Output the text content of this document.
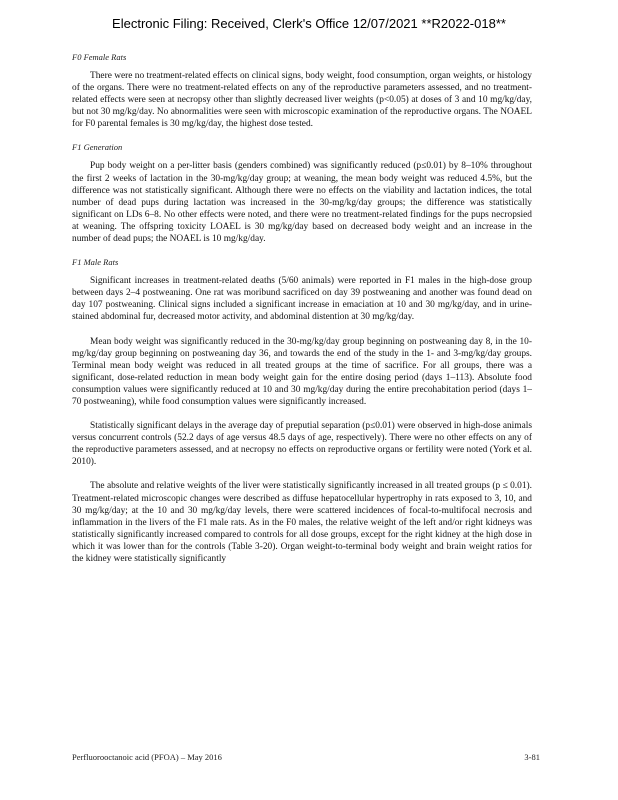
Electronic Filing: Received, Clerk's Office 12/07/2021 **R2022-018**

F0 Female Rats

There were no treatment-related effects on clinical signs, body weight, food consumption, organ weights, or histology of the organs. There were no treatment-related effects on any of the reproductive parameters assessed, and no treatment-related effects were seen at necropsy other than slightly decreased liver weights (p<0.05) at doses of 3 and 10 mg/kg/day, but not 30 mg/kg/day. No abnormalities were seen with microscopic examination of the reproductive organs. The NOAEL for F0 parental females is 30 mg/kg/day, the highest dose tested.

F1 Generation

Pup body weight on a per-litter basis (genders combined) was significantly reduced (p≤0.01) by 8–10% throughout the first 2 weeks of lactation in the 30-mg/kg/day group; at weaning, the mean body weight was reduced 4.5%, but the difference was not statistically significant. Although there were no effects on the viability and lactation indices, the total number of dead pups during lactation was increased in the 30-mg/kg/day groups; the difference was statistically significant on LDs 6–8. No other effects were noted, and there were no treatment-related findings for the pups necropsied at weaning. The offspring toxicity LOAEL is 30 mg/kg/day based on decreased body weight and an increase in the number of dead pups; the NOAEL is 10 mg/kg/day.

F1 Male Rats

Significant increases in treatment-related deaths (5/60 animals) were reported in F1 males in the high-dose group between days 2–4 postweaning. One rat was moribund sacrificed on day 39 postweaning and another was found dead on day 107 postweaning. Clinical signs included a significant increase in emaciation at 10 and 30 mg/kg/day, and in urine-stained abdominal fur, decreased motor activity, and abdominal distention at 30 mg/kg/day.

Mean body weight was significantly reduced in the 30-mg/kg/day group beginning on postweaning day 8, in the 10-mg/kg/day group beginning on postweaning day 36, and towards the end of the study in the 1- and 3-mg/kg/day groups. Terminal mean body weight was reduced in all treated groups at the time of sacrifice. For all groups, there was a significant, dose-related reduction in mean body weight gain for the entire dosing period (days 1–113). Absolute food consumption values were significantly reduced at 10 and 30 mg/kg/day during the entire precohabitation period (days 1–70 postweaning), while food consumption values were significantly increased.

Statistically significant delays in the average day of preputial separation (p≤0.01) were observed in high-dose animals versus concurrent controls (52.2 days of age versus 48.5 days of age, respectively). There were no other effects on any of the reproductive parameters assessed, and at necropsy no effects on reproductive organs or fertility were noted (York et al. 2010).

The absolute and relative weights of the liver were statistically significantly increased in all treated groups (p ≤ 0.01). Treatment-related microscopic changes were described as diffuse hepatocellular hypertrophy in rats exposed to 3, 10, and 30 mg/kg/day; at the 10 and 30 mg/kg/day levels, there were scattered incidences of focal-to-multifocal necrosis and inflammation in the livers of the F1 male rats. As in the F0 males, the relative weight of the left and/or right kidneys was statistically significantly increased compared to controls for all dose groups, except for the right kidney at the high dose in which it was lower than for the controls (Table 3-20). Organ weight-to-terminal body weight and brain weight ratios for the kidney were statistically significantly

Perfluorooctanoic acid (PFOA) – May 2016	3-81
